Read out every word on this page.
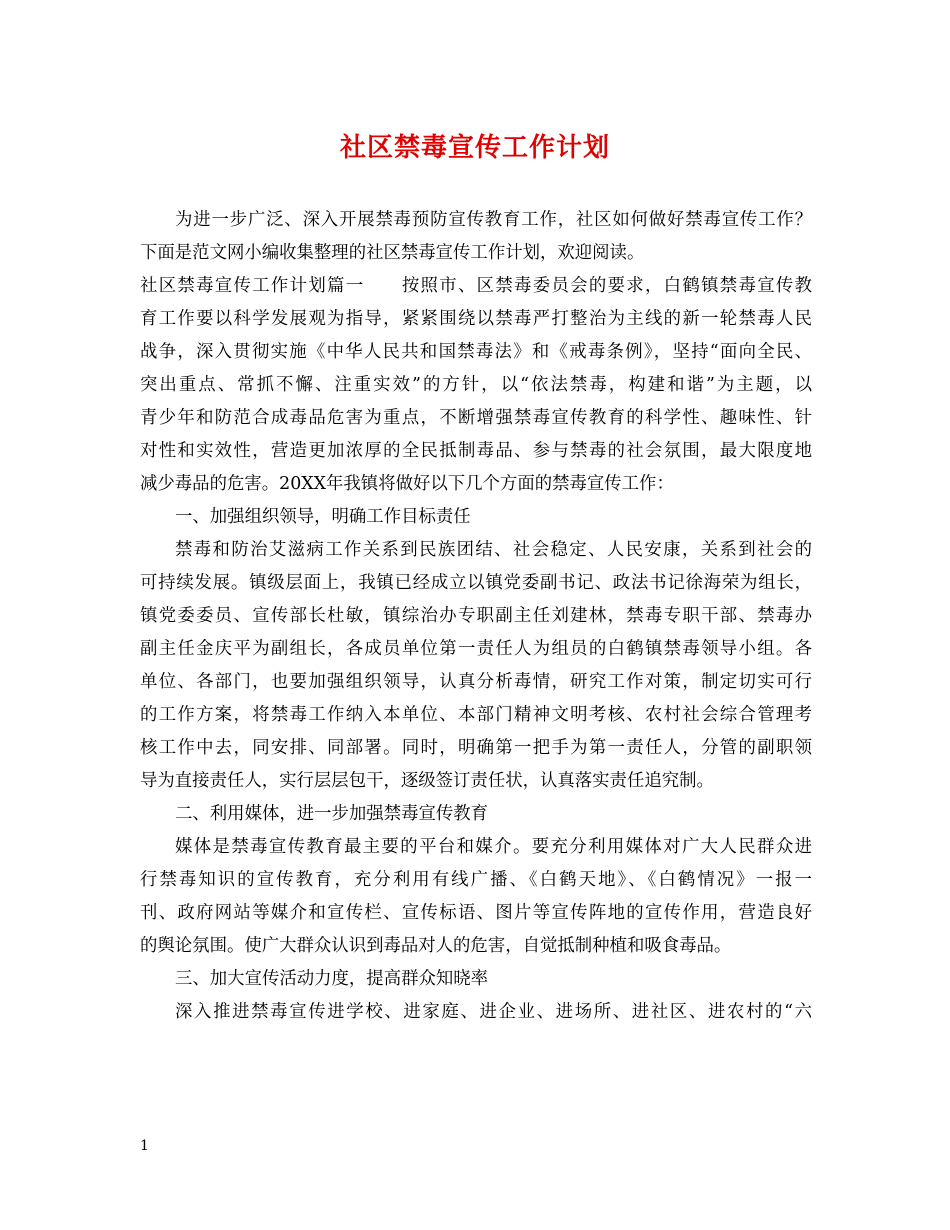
社区禁毒宣传工作计划
为进一步广泛、深入开展禁毒预防宣传教育工作，社区如何做好禁毒宣传工作？
下面是范文网小编收集整理的社区禁毒宣传工作计划，欢迎阅读。
社区禁毒宣传工作计划篇一　　按照市、区禁毒委员会的要求，白鹤镇禁毒宣传教
育工作要以科学发展观为指导，紧紧围绕以禁毒严打整治为主线的新一轮禁毒人民
战争，深入贯彻实施《中华人民共和国禁毒法》和《戒毒条例》，坚持“面向全民、
突出重点、常抓不懈、注重实效”的方针，以“依法禁毒，构建和谐”为主题，以
青少年和防范合成毒品危害为重点，不断增强禁毒宣传教育的科学性、趣味性、针
对性和实效性，营造更加浓厚的全民抵制毒品、参与禁毒的社会氛围，最大限度地
减少毒品的危害。20XX年我镇将做好以下几个方面的禁毒宣传工作：
一、加强组织领导，明确工作目标责任
禁毒和防治艾滋病工作关系到民族团结、社会稳定、人民安康，关系到社会的
可持续发展。镇级层面上，我镇已经成立以镇党委副书记、政法书记徐海荣为组长，
镇党委委员、宣传部长杜敏，镇综治办专职副主任刘建林，禁毒专职干部、禁毒办
副主任金庆平为副组长，各成员单位第一责任人为组员的白鹤镇禁毒领导小组。各
单位、各部门，也要加强组织领导，认真分析毒情，研究工作对策，制定切实可行
的工作方案，将禁毒工作纳入本单位、本部门精神文明考核、农村社会综合管理考
核工作中去，同安排、同部署。同时，明确第一把手为第一责任人，分管的副职领
导为直接责任人，实行层层包干，逐级签订责任状，认真落实责任追究制。
二、利用媒体，进一步加强禁毒宣传教育
媒体是禁毒宣传教育最主要的平台和媒介。要充分利用媒体对广大人民群众进
行禁毒知识的宣传教育，充分利用有线广播、《白鹤天地》、《白鹤情况》一报一
刊、政府网站等媒介和宣传栏、宣传标语、图片等宣传阵地的宣传作用，营造良好
的舆论氛围。使广大群众认识到毒品对人的危害，自觉抵制种植和吸食毒品。
三、加大宣传活动力度，提高群众知晓率
深入推进禁毒宣传进学校、进家庭、进企业、进场所、进社区、进农村的“六
1
